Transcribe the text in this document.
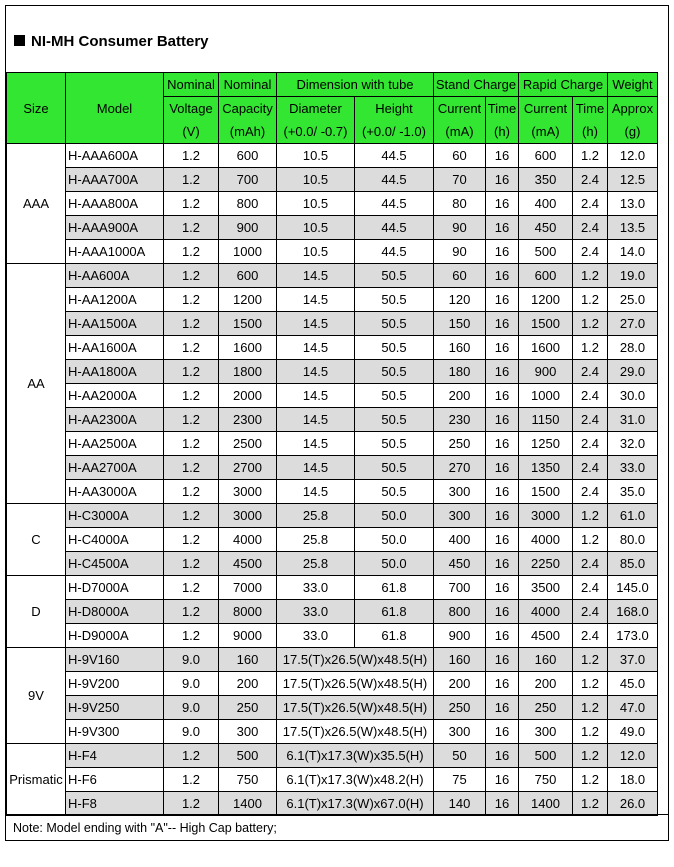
NI-MH Consumer Battery
Size	Model	Nominal	Nominal	Dimension with tube		Stand Charge		Rapid Charge		Weight
		Voltage	Capacity	Diameter	Height	Current	Time	Current	Time	Approx
		(V)	(mAh)	(+0.0/ -0.7)	(+0.0/ -1.0)	(mA)	(h)	(mA)	(h)	(g)
AAA	H-AAA600A	1.2	600	10.5	44.5	60	16	600	1.2	12.0
	H-AAA700A	1.2	700	10.5	44.5	70	16	350	2.4	12.5
	H-AAA800A	1.2	800	10.5	44.5	80	16	400	2.4	13.0
	H-AAA900A	1.2	900	10.5	44.5	90	16	450	2.4	13.5
	H-AAA1000A	1.2	1000	10.5	44.5	90	16	500	2.4	14.0
AA	H-AA600A	1.2	600	14.5	50.5	60	16	600	1.2	19.0
	H-AA1200A	1.2	1200	14.5	50.5	120	16	1200	1.2	25.0
	H-AA1500A	1.2	1500	14.5	50.5	150	16	1500	1.2	27.0
	H-AA1600A	1.2	1600	14.5	50.5	160	16	1600	1.2	28.0
	H-AA1800A	1.2	1800	14.5	50.5	180	16	900	2.4	29.0
	H-AA2000A	1.2	2000	14.5	50.5	200	16	1000	2.4	30.0
	H-AA2300A	1.2	2300	14.5	50.5	230	16	1150	2.4	31.0
	H-AA2500A	1.2	2500	14.5	50.5	250	16	1250	2.4	32.0
	H-AA2700A	1.2	2700	14.5	50.5	270	16	1350	2.4	33.0
	H-AA3000A	1.2	3000	14.5	50.5	300	16	1500	2.4	35.0
C	H-C3000A	1.2	3000	25.8	50.0	300	16	3000	1.2	61.0
	H-C4000A	1.2	4000	25.8	50.0	400	16	4000	1.2	80.0
	H-C4500A	1.2	4500	25.8	50.0	450	16	2250	2.4	85.0
D	H-D7000A	1.2	7000	33.0	61.8	700	16	3500	2.4	145.0
	H-D8000A	1.2	8000	33.0	61.8	800	16	4000	2.4	168.0
	H-D9000A	1.2	9000	33.0	61.8	900	16	4500	2.4	173.0
9V	H-9V160	9.0	160	17.5(T)x26.5(W)x48.5(H)		160	16	160	1.2	37.0
	H-9V200	9.0	200	17.5(T)x26.5(W)x48.5(H)		200	16	200	1.2	45.0
	H-9V250	9.0	250	17.5(T)x26.5(W)x48.5(H)		250	16	250	1.2	47.0
	H-9V300	9.0	300	17.5(T)x26.5(W)x48.5(H)		300	16	300	1.2	49.0
Prismatic	H-F4	1.2	500	6.1(T)x17.3(W)x35.5(H)		50	16	500	1.2	12.0
	H-F6	1.2	750	6.1(T)x17.3(W)x48.2(H)		75	16	750	1.2	18.0
	H-F8	1.2	1400	6.1(T)x17.3(W)x67.0(H)		140	16	1400	1.2	26.0
Note: Model ending with "A"-- High Cap battery;
